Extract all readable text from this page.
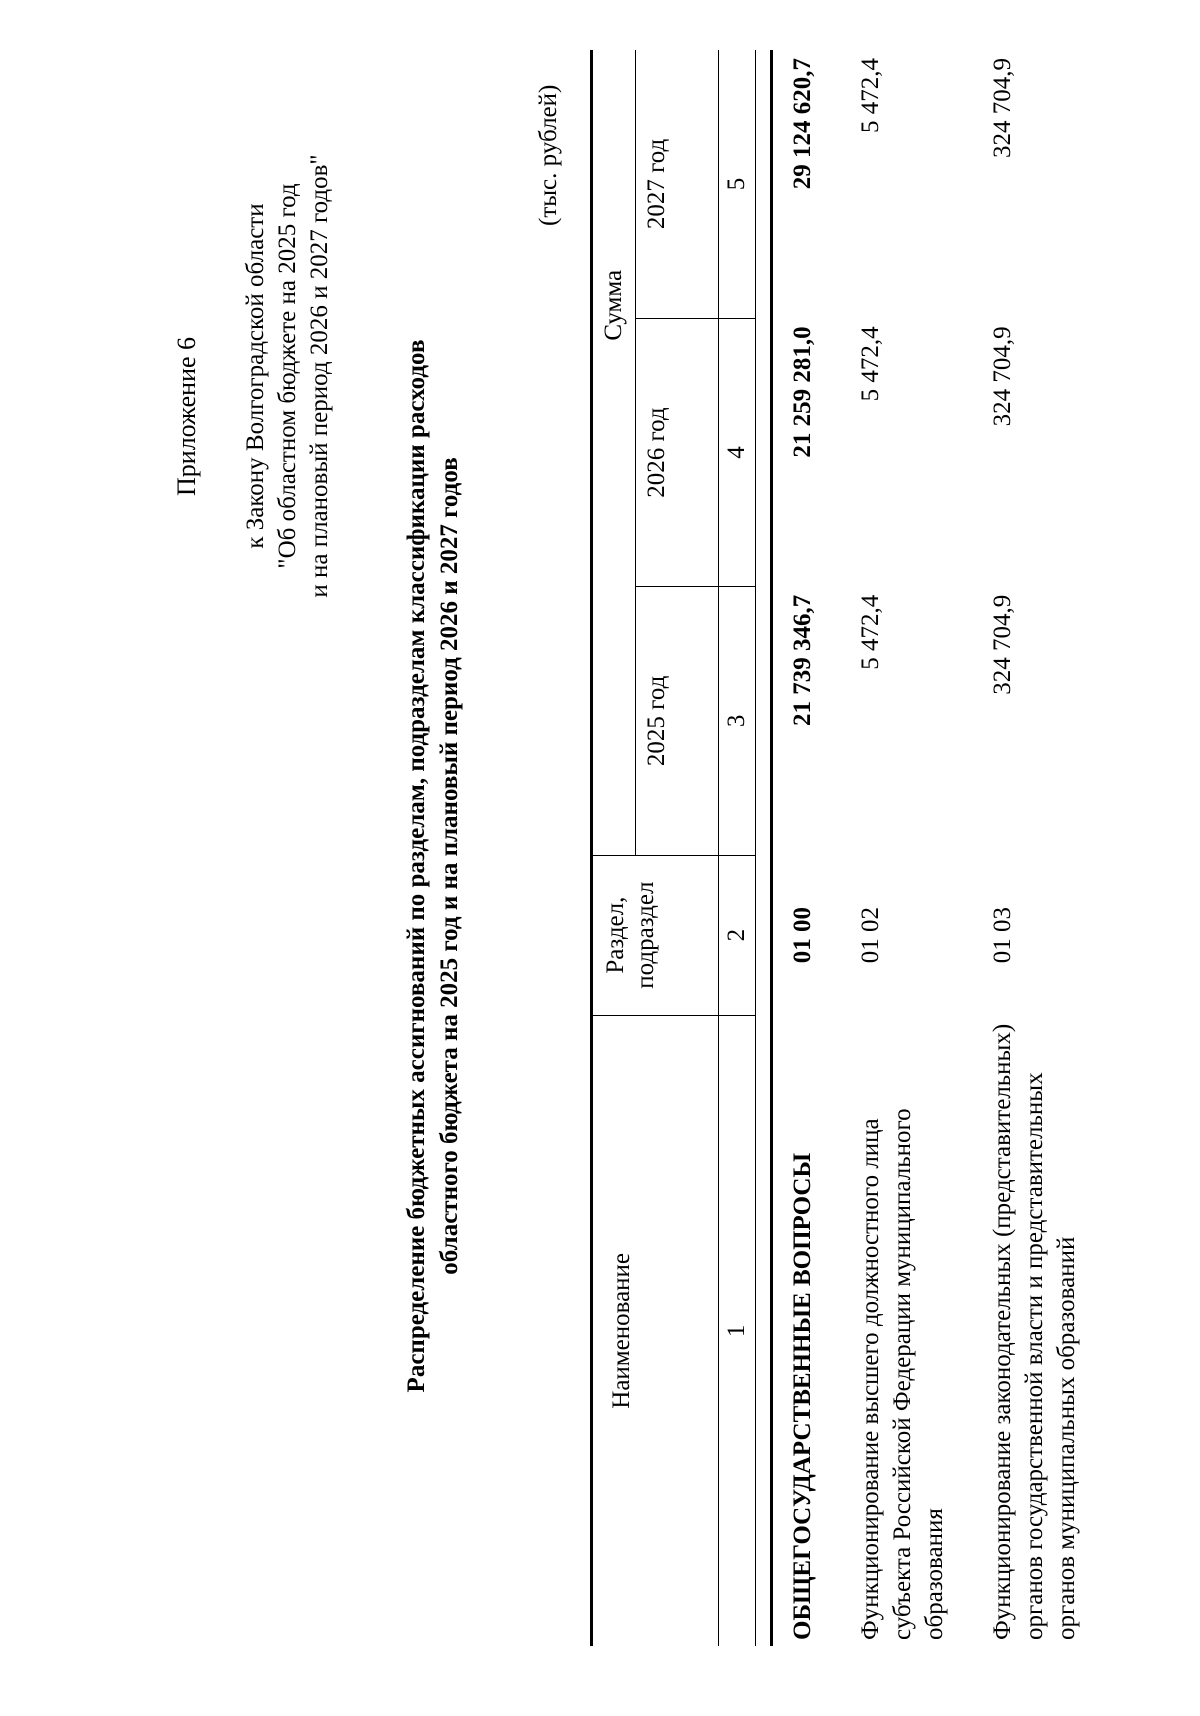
Приложение 6 к Закону Волгоградской области "Об областном бюджете на 2025 год и на плановый период 2026 и 2027 годов"	Распределение бюджетных ассигнований по разделам, подразделам классификации расходов областного бюджета на 2025 год и на плановый период 2026 и 2027 годов
(тыс. рублей)
Наименование	Раздел, подраздел	Сумма		
		2025 год	2026 год	2027 год
1	2	3	4	5

ОБЩЕГОСУДАРСТВЕННЫЕ ВОПРОСЫ	01 00	21 739 346,7	21 259 281,0	29 124 620,7
Функционирование высшего должностного лица субъекта Российской Федерации муниципального образования	01 02	5 472,4	5 472,4	5 472,4
Функционирование законодательных (представительных) органов государственной власти и представительных органов муниципальных образований	01 03	324 704,9	324 704,9	324 704,9
